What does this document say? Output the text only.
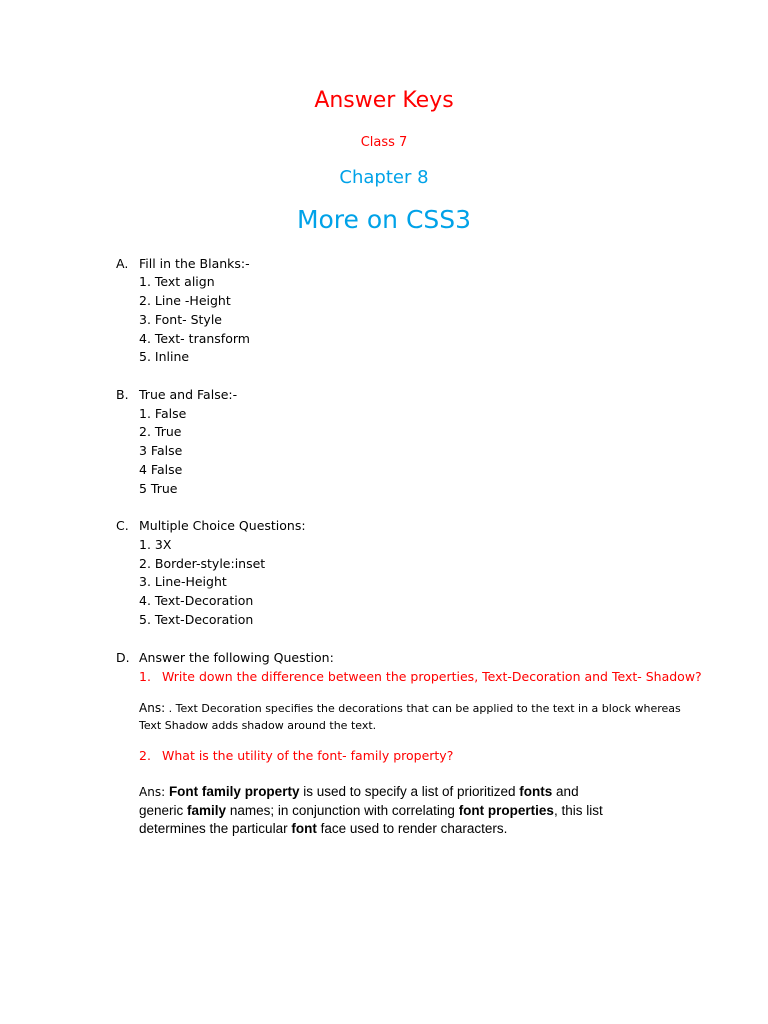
Answer Keys
Class 7
Chapter 8
More on CSS3
A. Fill in the Blanks:-
1. Text align
2. Line -Height
3. Font- Style
4. Text- transform
5. Inline
B. True and False:-
1. False
2. True
3 False
4 False
5 True
C. Multiple Choice Questions:
1. 3X
2. Border-style:inset
3. Line-Height
4. Text-Decoration
5. Text-Decoration
D. Answer the following Question:
1. Write down the difference between the properties, Text-Decoration and Text- Shadow?
Ans: . Text Decoration specifies the decorations that can be applied to the text in a block whereas
Text Shadow adds shadow around the text.
2. What is the utility of the font- family property?
Ans: Font family property is used to specify a list of prioritized fonts and
generic family names; in conjunction with correlating font properties, this list
determines the particular font face used to render characters.
